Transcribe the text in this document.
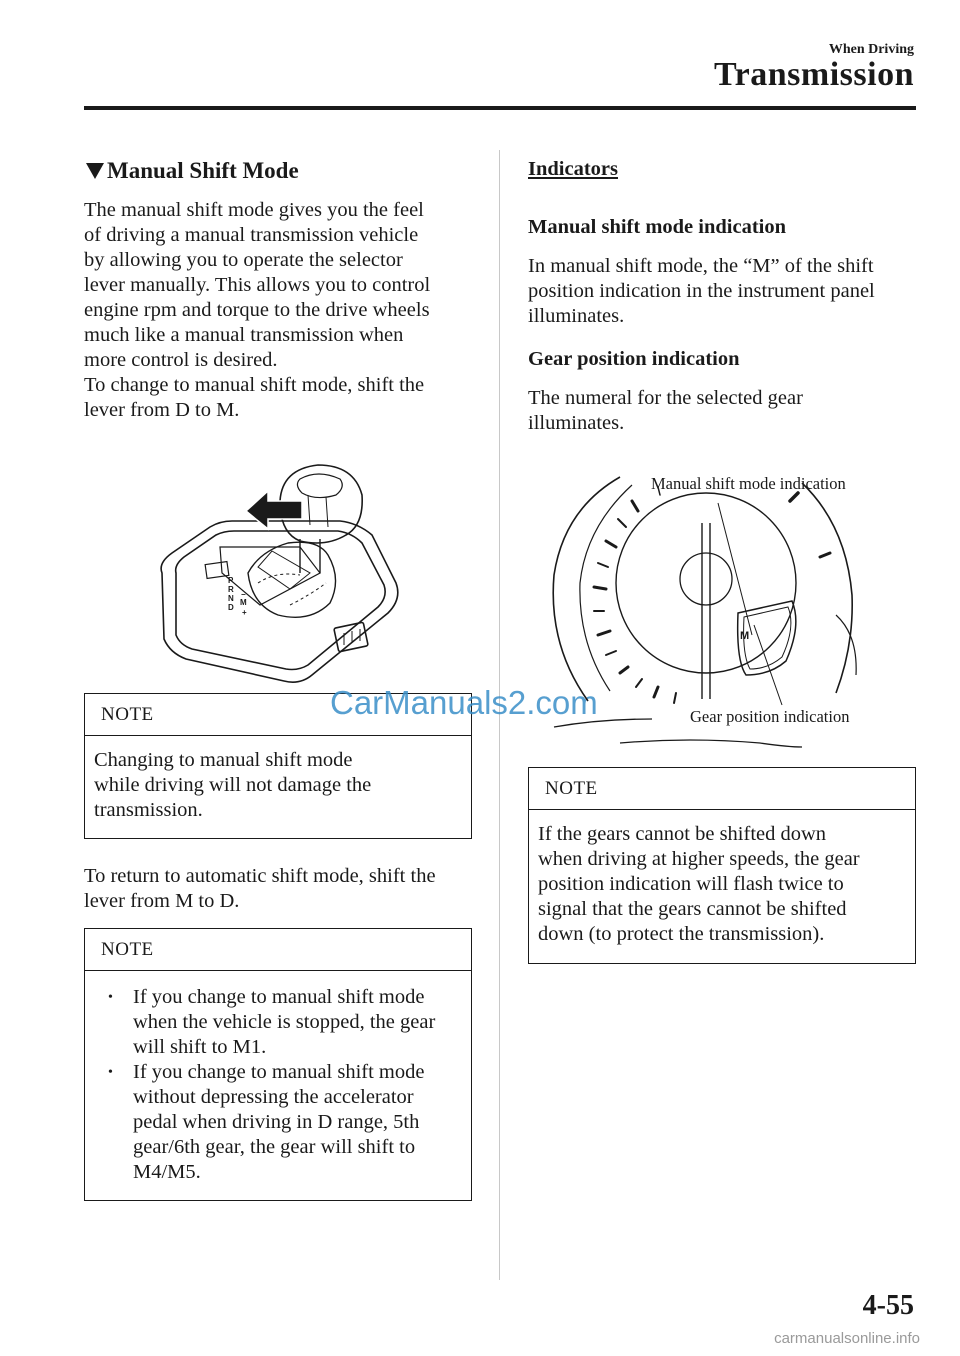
When Driving
Transmission
Manual Shift Mode
The manual shift mode gives you the feel
of driving a manual transmission vehicle
by allowing you to operate the selector
lever manually. This allows you to control
engine rpm and torque to the drive wheels
much like a manual transmission when
more control is desired.
To change to manual shift mode, shift the
lever from D to M.
P
R
N
D
M
−
+
NOTE
Changing to manual shift mode
while driving will not damage the
transmission.
CarManuals2.com
To return to automatic shift mode, shift the
lever from M to D.
NOTE
• If you change to manual shift mode
when the vehicle is stopped, the gear
will shift to M1.
• If you change to manual shift mode
without depressing the accelerator
pedal when driving in D range, 5th
gear/6th gear, the gear will shift to
M4/M5.
Indicators
Manual shift mode indication
In manual shift mode, the “M” of the shift
position indication in the instrument panel
illuminates.
Gear position indication
The numeral for the selected gear
illuminates.
M
Manual shift mode indication
Gear position indication
NOTE
If the gears cannot be shifted down
when driving at higher speeds, the gear
position indication will flash twice to
signal that the gears cannot be shifted
down (to protect the transmission).
4-55
carmanualsonline.info
